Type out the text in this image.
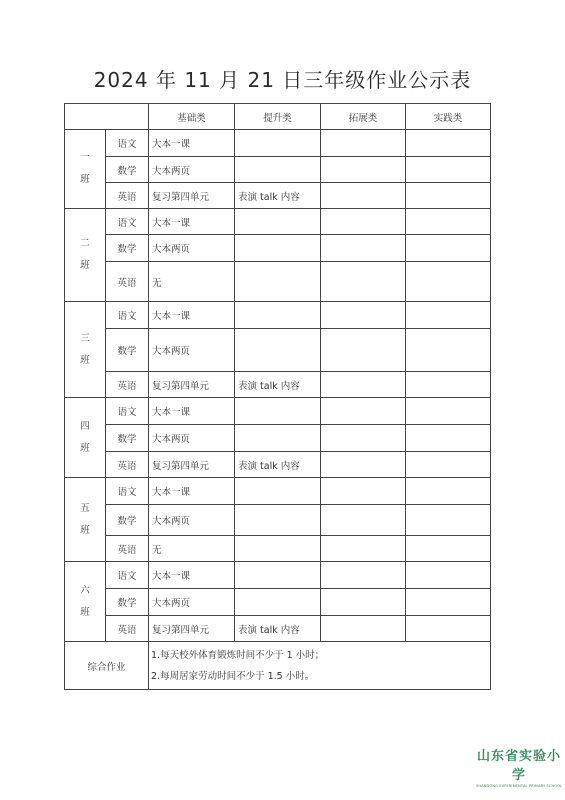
2024 年 11 月 21 日三年级作业公示表
		基础类	提升类	拓展类	实践类

一
班	语文	大本一课			
	数学	大本两页			
	英语	复习第四单元	表演 talk 内容		

二
班	语文	大本一课			
	数学	大本两页			
	英语	无			

三
班	语文	大本一课			
	数学	大本两页			
	英语	复习第四单元	表演 talk 内容		

四
班	语文	大本一课			
	数学	大本两页			
	英语	复习第四单元	表演 talk 内容		

五
班	语文	大本一课			
	数学	大本两页			
	英语	无			

六
班	语文	大本一课			
	数学	大本两页			
	英语	复习第四单元	表演 talk 内容		
综合作业		1.每天校外体育锻炼时间不少于 1 小时；
2.每周居家劳动时间不少于 1.5 小时。			
山东省实验小学
SHANDONG EXPERIMENTAL PRIMARY SCHOOL
